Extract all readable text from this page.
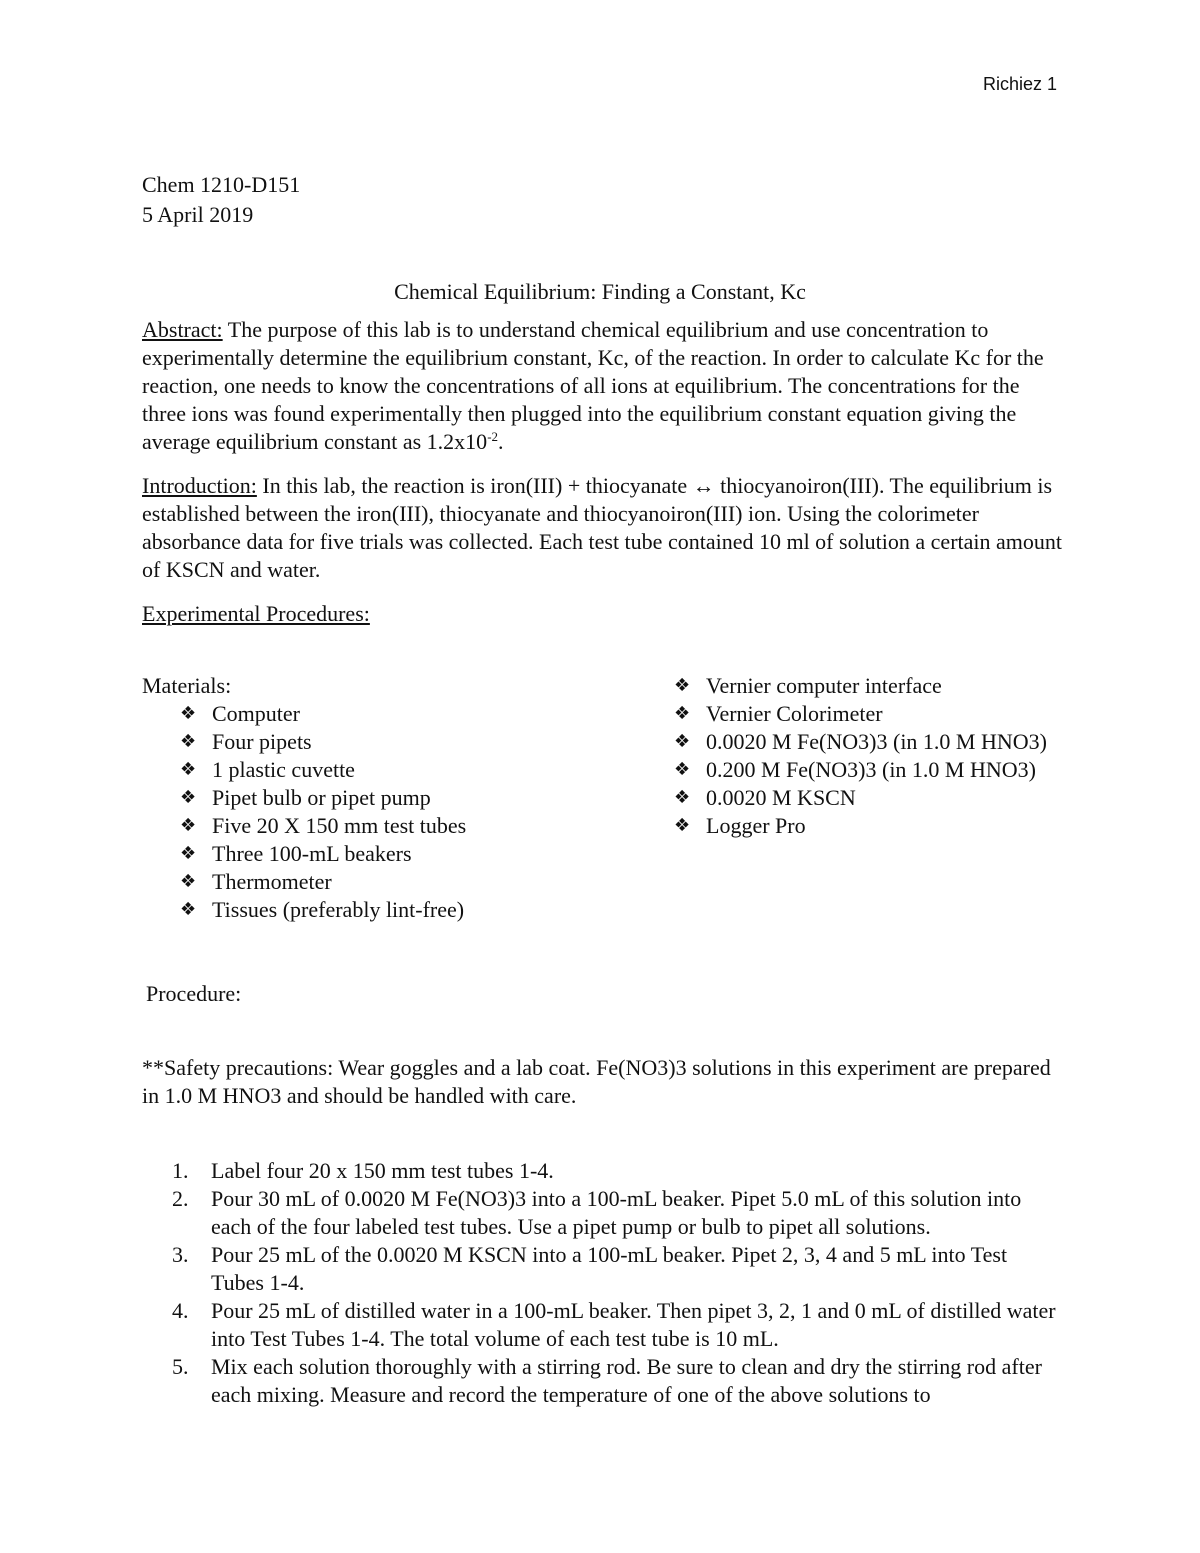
Richiez 1
Chem 1210-D151
5 April 2019
Chemical Equilibrium: Finding a Constant, Kc
Abstract: The purpose of this lab is to understand chemical equilibrium and use concentration to experimentally determine the equilibrium constant, Kc, of the reaction. In order to calculate Kc for the reaction, one needs to know the concentrations of all ions at equilibrium. The concentrations for the three ions was found experimentally then plugged into the equilibrium constant equation giving the average equilibrium constant as $1.2x10^{-2}$.
Introduction: In this lab, the reaction is iron(III) + thiocyanate ↔ thiocyanoiron(III). The equilibrium is established between the iron(III), thiocyanate and thiocyanoiron(III) ion. Using the colorimeter absorbance data for five trials was collected. Each test tube contained 10 ml of solution a certain amount of KSCN and water.
Experimental Procedures:
Materials:
❖ Computer
❖ Four pipets
❖ 1 plastic cuvette
❖ Pipet bulb or pipet pump
❖ Five 20 X 150 mm test tubes
❖ Three 100-mL beakers
❖ Thermometer
❖ Tissues (preferably lint-free)
❖ Vernier computer interface
❖ Vernier Colorimeter
❖ 0.0020 M Fe(NO3)3 (in 1.0 M HNO3)
❖ 0.200 M Fe(NO3)3 (in 1.0 M HNO3)
❖ 0.0020 M KSCN
❖ Logger Pro
Procedure:
**Safety precautions: Wear goggles and a lab coat. Fe(NO3)3 solutions in this experiment are prepared in 1.0 M HNO3 and should be handled with care.
1. Label four 20 x 150 mm test tubes 1-4.
2. Pour 30 mL of 0.0020 M Fe(NO3)3 into a 100-mL beaker. Pipet 5.0 mL of this solution into each of the four labeled test tubes. Use a pipet pump or bulb to pipet all solutions.
3. Pour 25 mL of the 0.0020 M KSCN into a 100-mL beaker. Pipet 2, 3, 4 and 5 mL into Test Tubes 1-4.
4. Pour 25 mL of distilled water in a 100-mL beaker. Then pipet 3, 2, 1 and 0 mL of distilled water into Test Tubes 1-4. The total volume of each test tube is 10 mL.
5. Mix each solution thoroughly with a stirring rod. Be sure to clean and dry the stirring rod after each mixing. Measure and record the temperature of one of the above solutions to
